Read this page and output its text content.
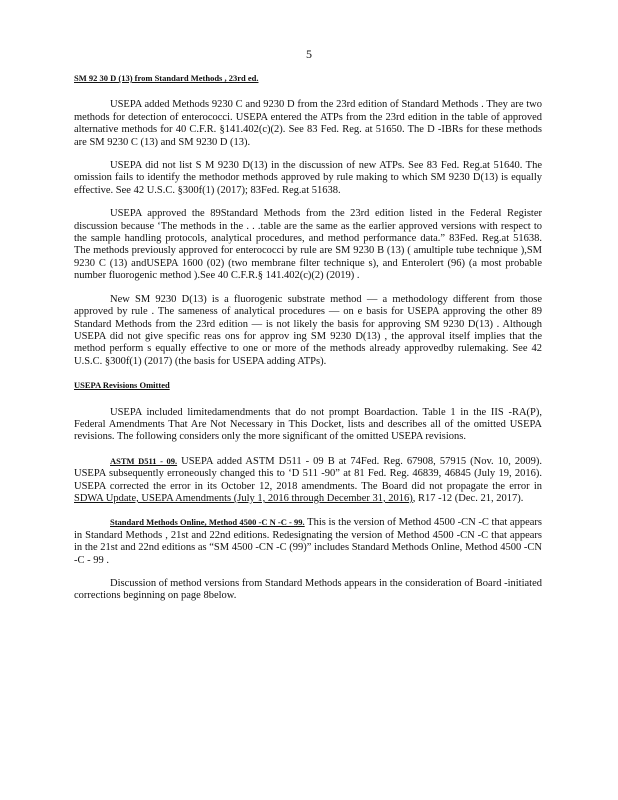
5
SM 92 30 D (13) from Standard Methods , 23rd ed.

USEPA added Methods 9230 C and 9230 D from the 23rd edition of Standard Methods . They are two methods for detection of enterococci. USEPA entered the ATPs from the 23rd edition in the table of approved alternative methods for 40 C.F.R. §141.402(c)(2). See 83 Fed. Reg. at 51650. The D -IBRs for these methods are SM 9230 C (13) and SM 9230 D (13).

USEPA did not list S M 9230 D(13) in the discussion of new ATPs. See 83 Fed. Reg.at 51640. The omission fails to identify the methodor methods approved by rule making to which SM 9230 D(13) is equally effective. See 42 U.S.C. §300f(1) (2017); 83Fed. Reg.at 51638.

USEPA approved the 89Standard Methods from the 23rd edition listed in the Federal Register discussion because ‘The methods in the . . .table are the same as the earlier approved versions with respect to the sample handling protocols, analytical procedures, and method performance data.” 83Fed. Reg.at 51638. The methods previously approved for enterococci by rule are SM 9230 B (13) ( amultiple tube technique ),SM 9230 C (13) andUSEPA 1600 (02) (two membrane filter technique s), and Enterolert (96) (a most probable number fluorogenic method ).See 40 C.F.R.§ 141.402(c)(2) (2019) .

New SM 9230 D(13) is a fluorogenic substrate method — a methodology different from those approved by rule . The sameness of analytical procedures — on e basis for USEPA approving the other 89 Standard Methods from the 23rd edition — is not likely the basis for approving SM 9230 D(13) . Although USEPA did not give specific reas ons for approv ing SM 9230 D(13) , the approval itself implies that the method perform s equally effective to one or more of the methods already approvedby rulemaking. See 42 U.S.C. §300f(1) (2017) (the basis for USEPA adding ATPs).

USEPA Revisions Omitted

USEPA included limitedamendments that do not prompt Boardaction. Table 1 in the IIS -RA(P), Federal Amendments That Are Not Necessary in This Docket, lists and describes all of the omitted USEPA revisions. The following considers only the more significant of the omitted USEPA revisions.

ASTM D511 - 09. USEPA added ASTM D511 - 09 B at 74Fed. Reg. 67908, 57915 (Nov. 10, 2009). USEPA subsequently erroneously changed this to ‘D 511 -90” at 81 Fed. Reg. 46839, 46845 (July 19, 2016). USEPA corrected the error in its October 12, 2018 amendments. The Board did not propagate the error in SDWA Update, USEPA Amendments (July 1, 2016 through December 31, 2016), R17 -12 (Dec. 21, 2017).

Standard Methods Online, Method 4500 -C N -C - 99. This is the version of Method 4500 -CN -C that appears in Standard Methods , 21st and 22nd editions. Redesignating the version of Method 4500 -CN -C that appears in the 21st and 22nd editions as “SM 4500 -CN -C (99)” includes Standard Methods Online, Method 4500 -CN -C - 99 .

Discussion of method versions from Standard Methods appears in the consideration of Board -initiated corrections beginning on page 8below.
